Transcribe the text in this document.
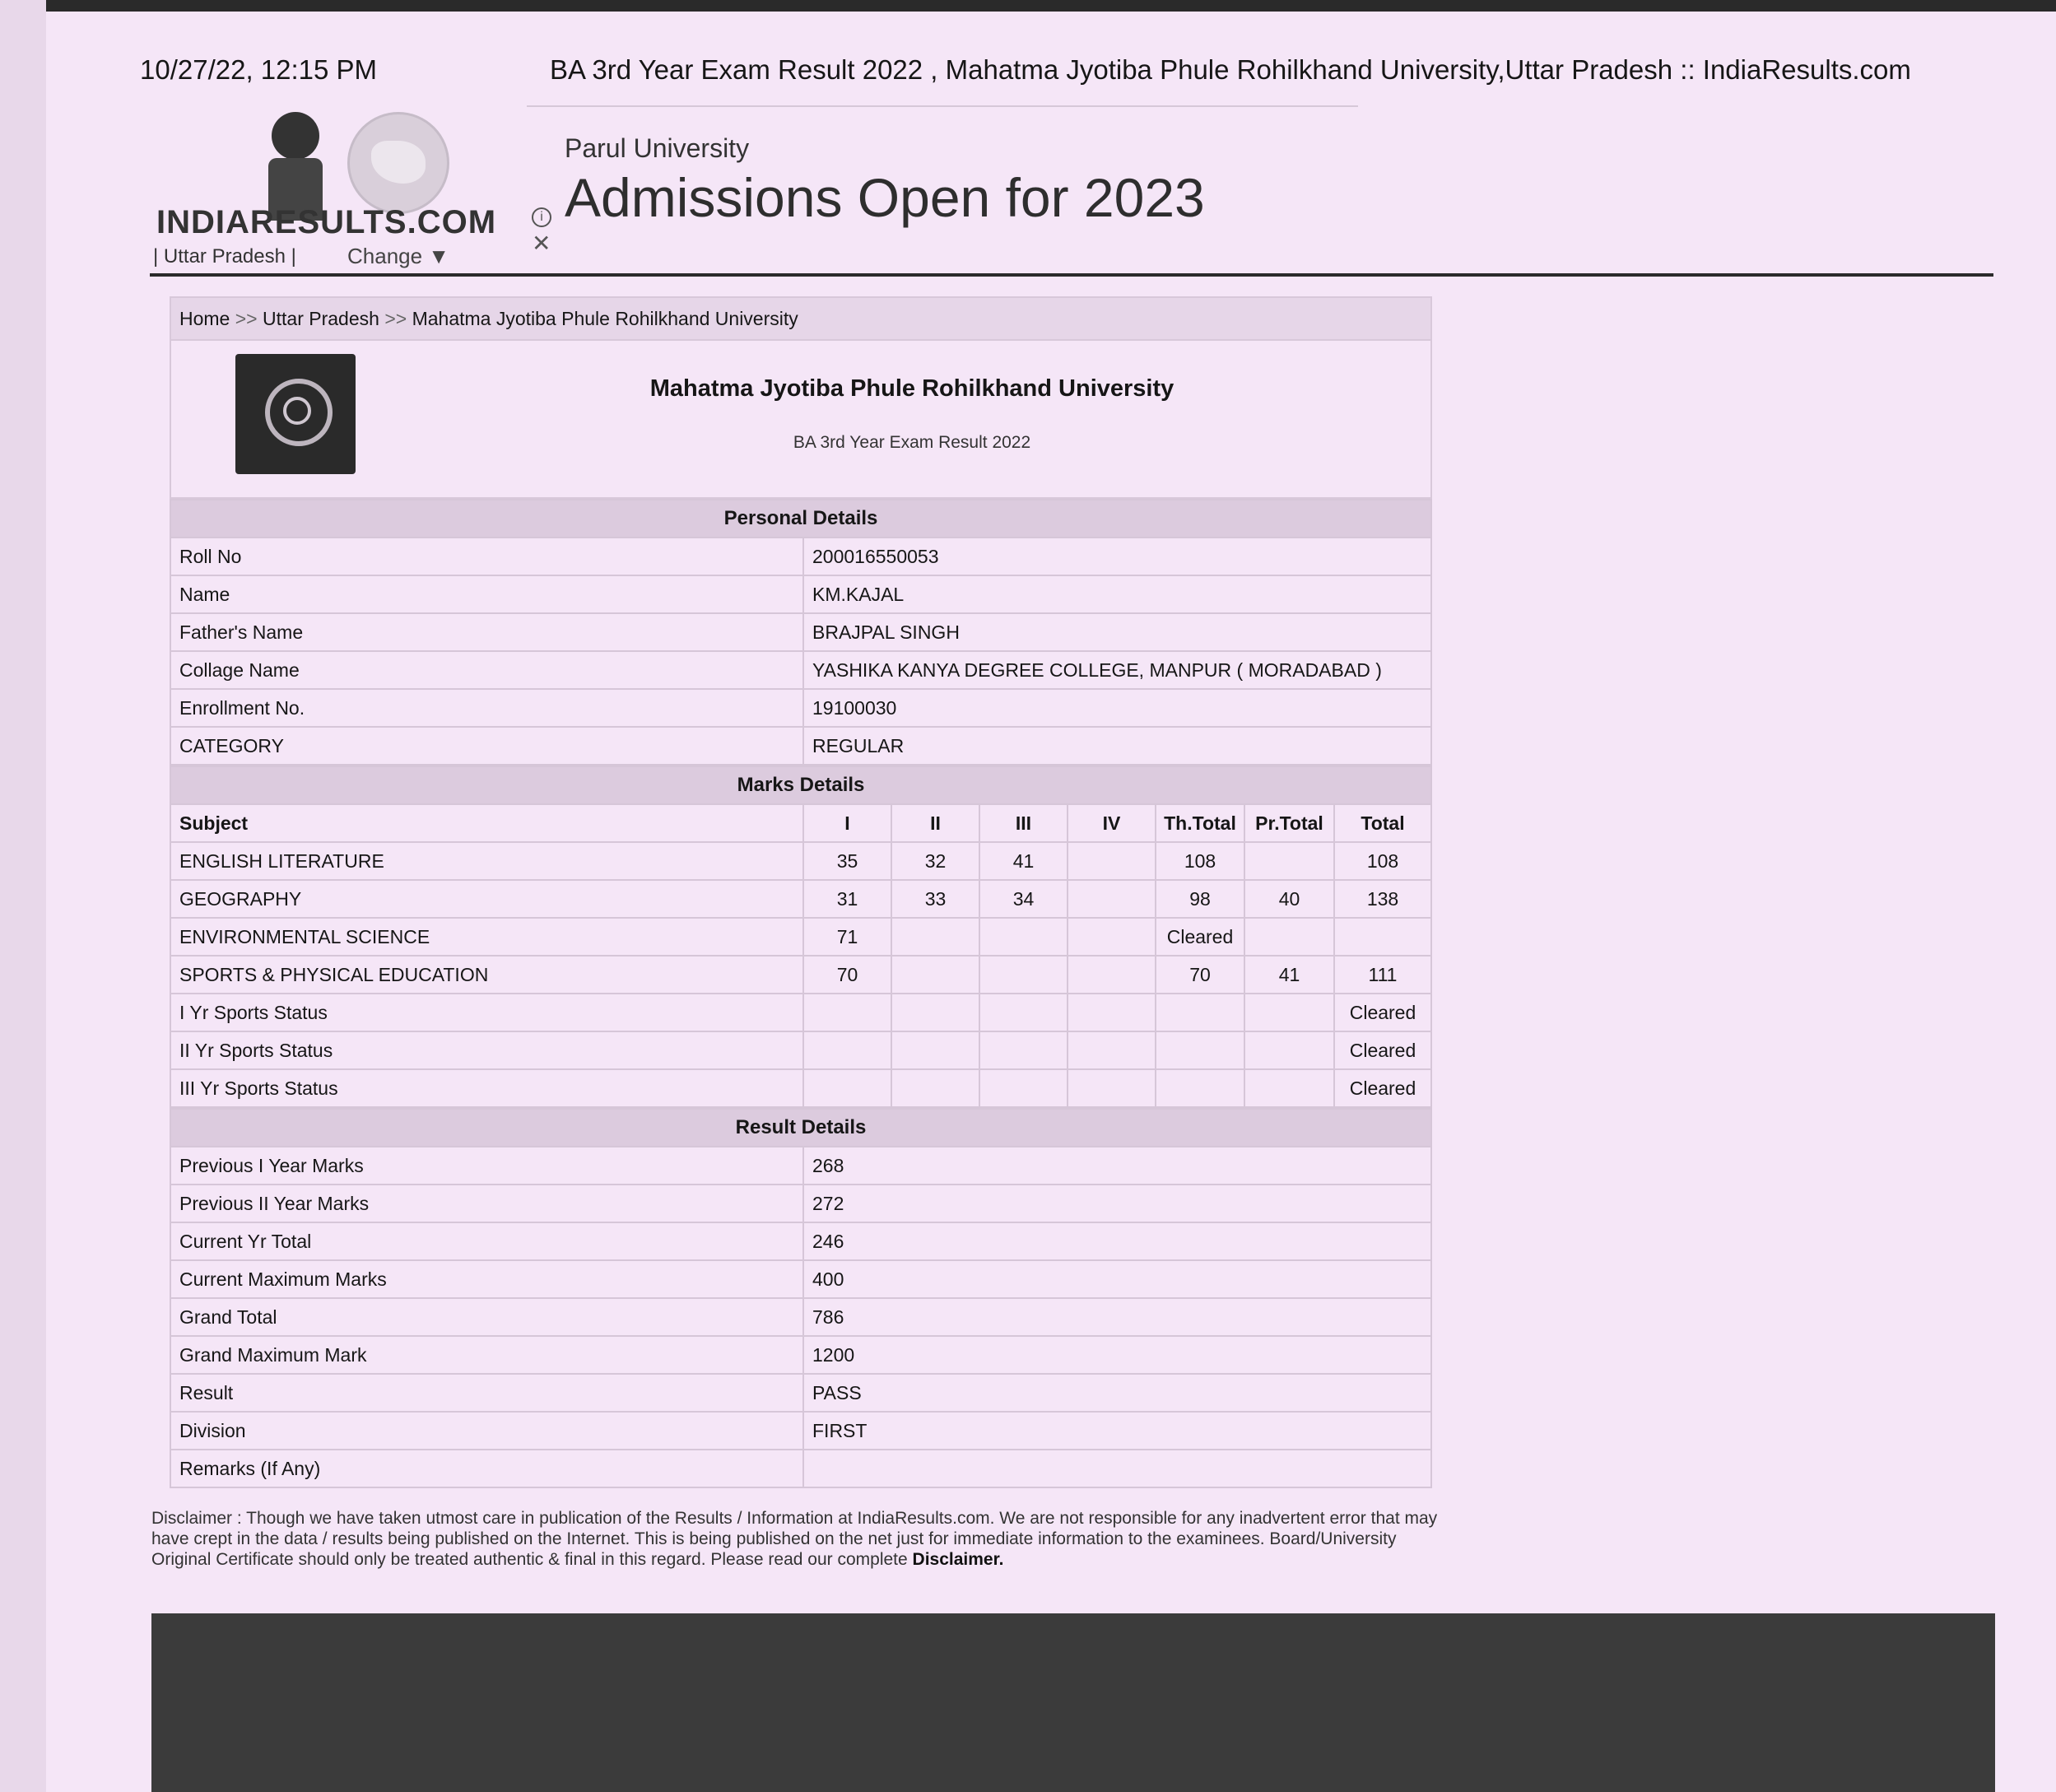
10/27/22, 12:15 PM	BA 3rd Year Exam Result 2022 , Mahatma Jyotiba Phule Rohilkhand University,Uttar Pradesh :: IndiaResults.com
INDIARESULTS.COM
| Uttar Pradesh | Change ▼
Parul University
Admissions Open for 2023
i
✕
Home >> Uttar Pradesh >> Mahatma Jyotiba Phule Rohilkhand University
Mahatma Jyotiba Phule Rohilkhand University
BA 3rd Year Exam Result 2022
Personal Details	
Roll No	200016550053
Name	KM.KAJAL
Father's Name	BRAJPAL SINGH
Collage Name	YASHIKA KANYA DEGREE COLLEGE, MANPUR ( MORADABAD )
Enrollment No.	19100030
CATEGORY	REGULAR
Marks Details							
Subject	I	II	III	IV	Th.Total	Pr.Total	Total
ENGLISH LITERATURE	35	32	41		108		108
GEOGRAPHY	31	33	34		98	40	138
ENVIRONMENTAL SCIENCE	71				Cleared		
SPORTS & PHYSICAL EDUCATION	70				70	41	111
I Yr Sports Status							Cleared
II Yr Sports Status							Cleared
III Yr Sports Status							Cleared
Result Details	
Previous I Year Marks	268
Previous II Year Marks	272
Current Yr Total	246
Current Maximum Marks	400
Grand Total	786
Grand Maximum Mark	1200
Result	PASS
Division	FIRST
Remarks (If Any)	
Disclaimer : Though we have taken utmost care in publication of the Results / Information at IndiaResults.com. We are not responsible for any inadvertent error that may have crept in the data / results being published on the Internet. This is being published on the net just for immediate information to the examinees. Board/University Original Certificate should only be treated authentic & final in this regard. Please read our complete Disclaimer.
